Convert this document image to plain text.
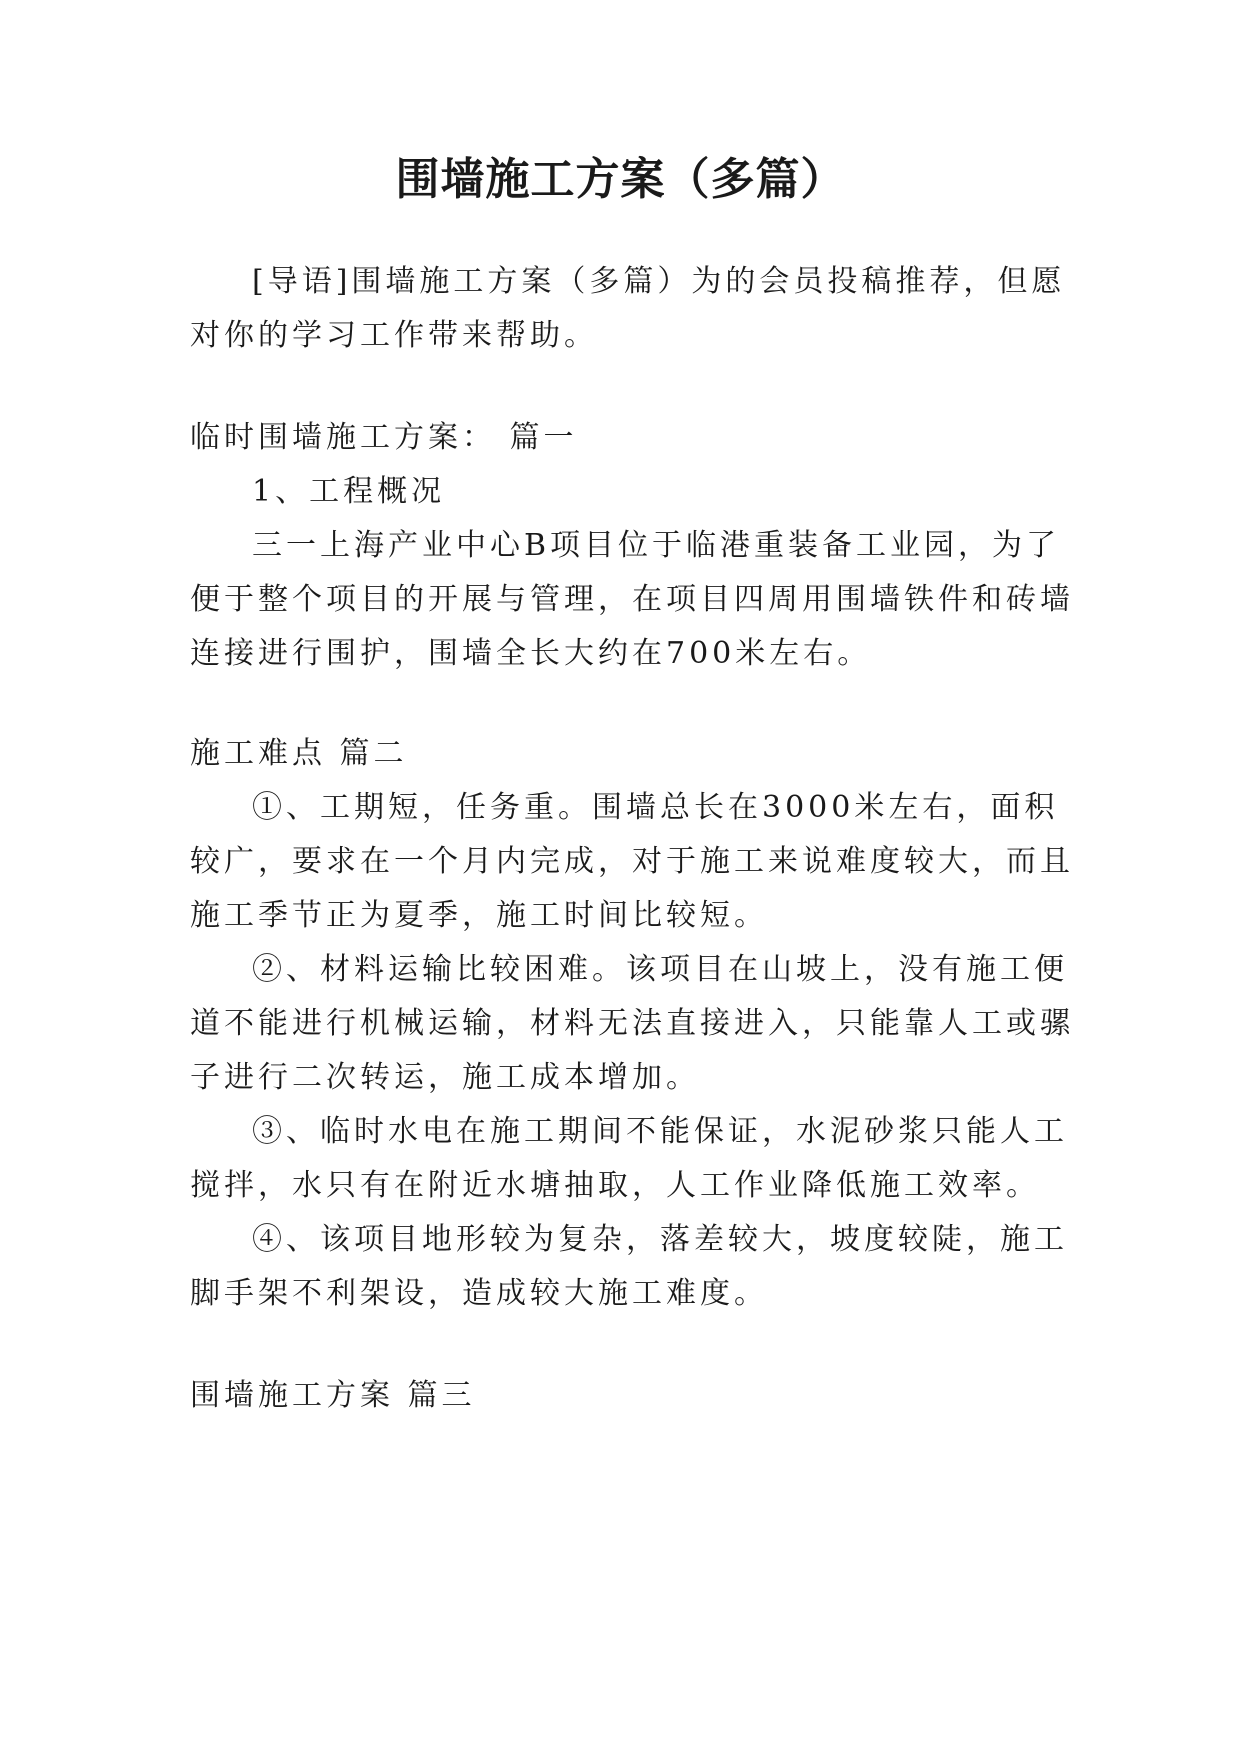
围墙施工方案（多篇）
[导语]围墙施工方案（多篇）为的会员投稿推荐，但愿
对你的学习工作带来帮助。
临时围墙施工方案： 篇一
1、工程概况
三一上海产业中心B项目位于临港重装备工业园，为了
便于整个项目的开展与管理，在项目四周用围墙铁件和砖墙
连接进行围护，围墙全长大约在700米左右。
施工难点 篇二
①、工期短，任务重。围墙总长在3000米左右，面积
较广，要求在一个月内完成，对于施工来说难度较大，而且
施工季节正为夏季，施工时间比较短。
②、材料运输比较困难。该项目在山坡上，没有施工便
道不能进行机械运输，材料无法直接进入，只能靠人工或骡
子进行二次转运，施工成本增加。
③、临时水电在施工期间不能保证，水泥砂浆只能人工
搅拌，水只有在附近水塘抽取，人工作业降低施工效率。
④、该项目地形较为复杂，落差较大，坡度较陡，施工
脚手架不利架设，造成较大施工难度。
围墙施工方案 篇三
